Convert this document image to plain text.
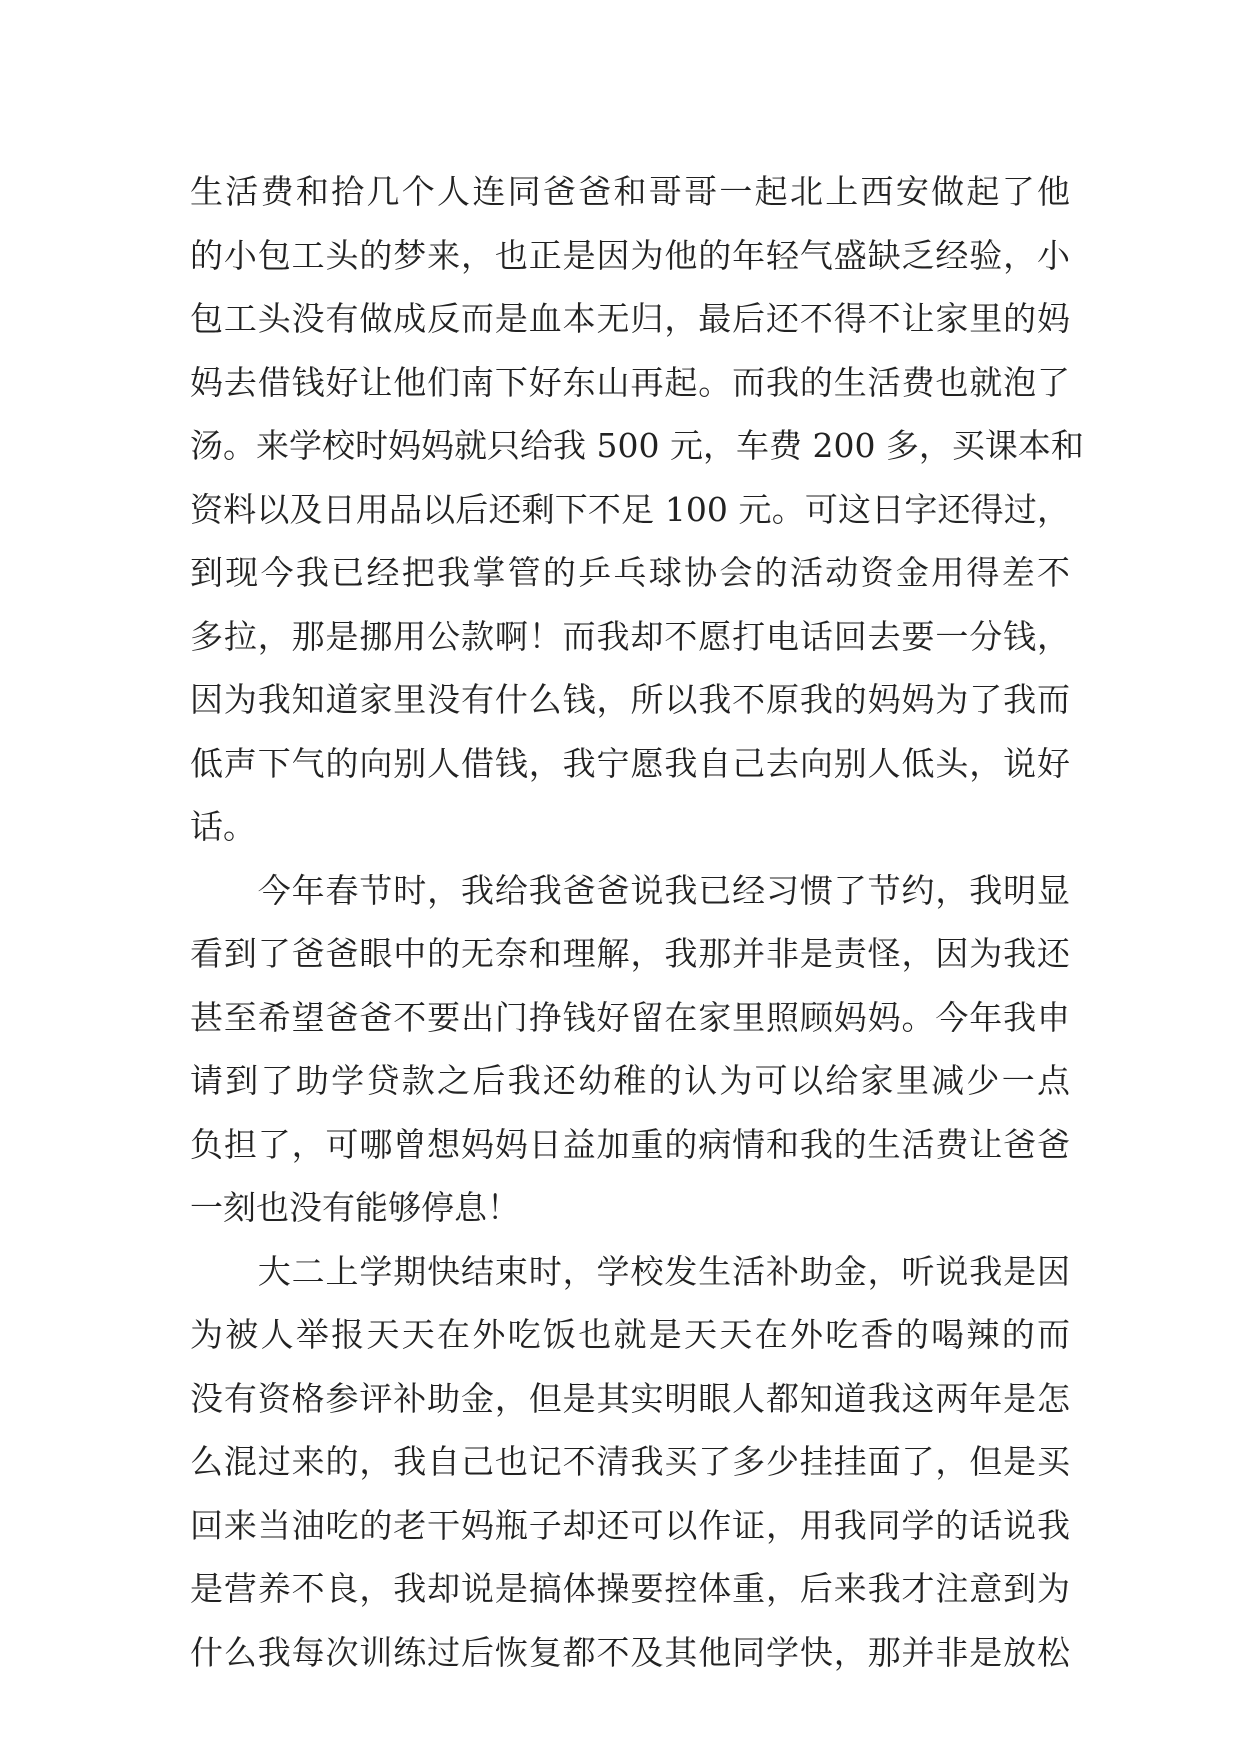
生活费和拾几个人连同爸爸和哥哥一起北上西安做起了他
的小包工头的梦来，也正是因为他的年轻气盛缺乏经验，小
包工头没有做成反而是血本无归，最后还不得不让家里的妈
妈去借钱好让他们南下好东山再起。而我的生活费也就泡了
汤。来学校时妈妈就只给我 500 元，车费 200 多，买课本和
资料以及日用品以后还剩下不足 100 元。可这日字还得过，
到现今我已经把我掌管的乒乓球协会的活动资金用得差不
多拉，那是挪用公款啊！而我却不愿打电话回去要一分钱，
因为我知道家里没有什么钱，所以我不原我的妈妈为了我而
低声下气的向别人借钱，我宁愿我自己去向别人低头，说好
话。
　　今年春节时，我给我爸爸说我已经习惯了节约，我明显
看到了爸爸眼中的无奈和理解，我那并非是责怪，因为我还
甚至希望爸爸不要出门挣钱好留在家里照顾妈妈。今年我申
请到了助学贷款之后我还幼稚的认为可以给家里减少一点
负担了，可哪曾想妈妈日益加重的病情和我的生活费让爸爸
一刻也没有能够停息！
　　大二上学期快结束时，学校发生活补助金，听说我是因
为被人举报天天在外吃饭也就是天天在外吃香的喝辣的而
没有资格参评补助金，但是其实明眼人都知道我这两年是怎
么混过来的，我自己也记不清我买了多少挂挂面了，但是买
回来当油吃的老干妈瓶子却还可以作证，用我同学的话说我
是营养不良，我却说是搞体操要控体重，后来我才注意到为
什么我每次训练过后恢复都不及其他同学快，那并非是放松
